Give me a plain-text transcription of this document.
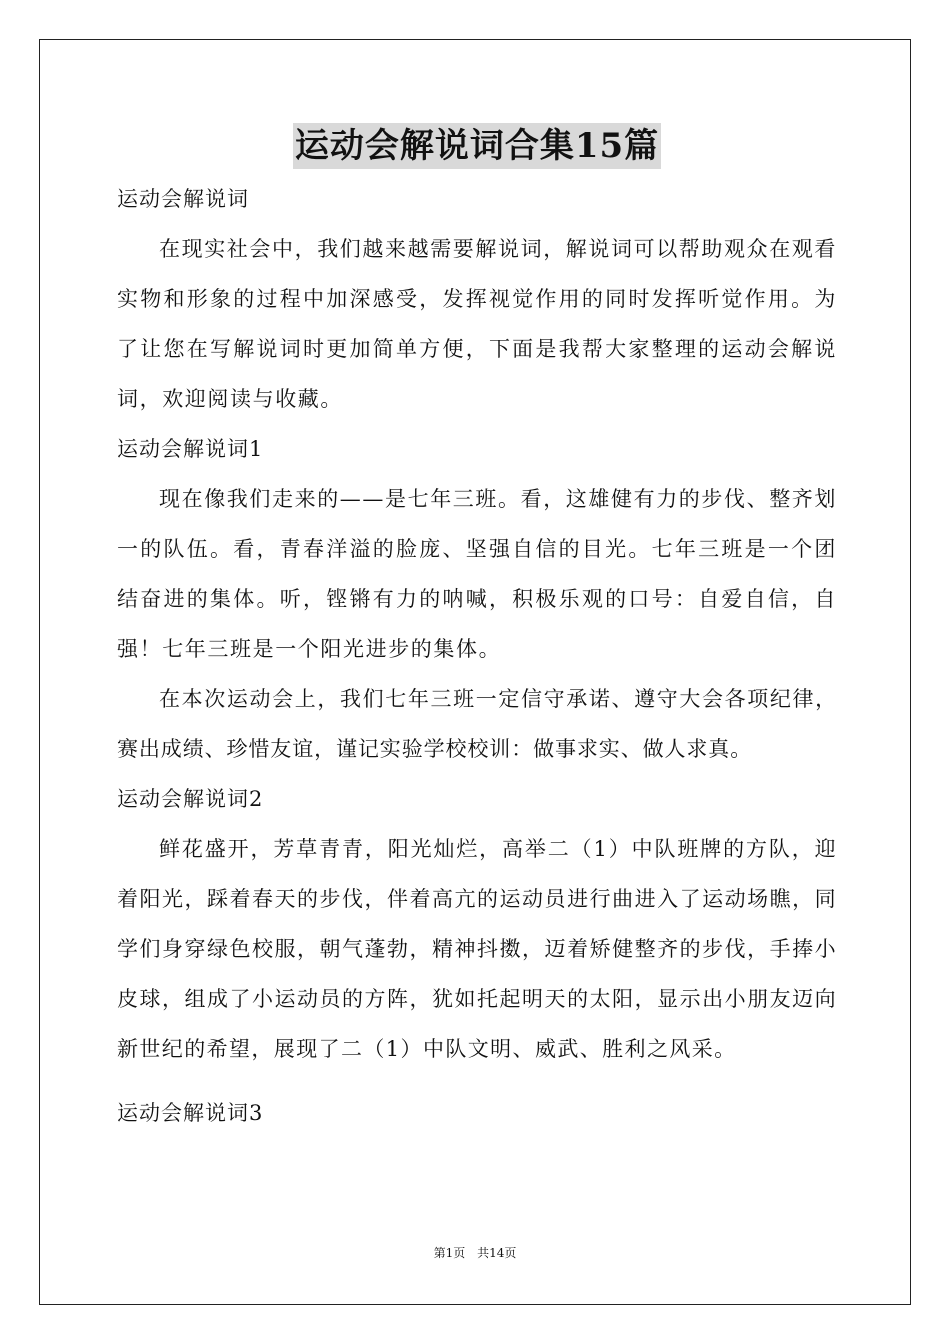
运动会解说词合集15篇

运动会解说词

在现实社会中，我们越来越需要解说词，解说词可以帮助观众在观看实物和形象的过程中加深感受，发挥视觉作用的同时发挥听觉作用。为了让您在写解说词时更加简单方便，下面是我帮大家整理的运动会解说词，欢迎阅读与收藏。

运动会解说词1

现在像我们走来的——是七年三班。看，这雄健有力的步伐、整齐划一的队伍。看，青春洋溢的脸庞、坚强自信的目光。七年三班是一个团结奋进的集体。听，铿锵有力的呐喊，积极乐观的口号：自爱自信，自强！七年三班是一个阳光进步的集体。

在本次运动会上，我们七年三班一定信守承诺、遵守大会各项纪律，赛出成绩、珍惜友谊，谨记实验学校校训：做事求实、做人求真。

运动会解说词2

鲜花盛开，芳草青青，阳光灿烂，高举二（1）中队班牌的方队，迎着阳光，踩着春天的步伐，伴着高亢的运动员进行曲进入了运动场瞧，同学们身穿绿色校服，朝气蓬勃，精神抖擞，迈着矫健整齐的步伐，手捧小皮球，组成了小运动员的方阵，犹如托起明天的太阳，显示出小朋友迈向新世纪的希望，展现了二（1）中队文明、威武、胜利之风采。

运动会解说词3

第1页 共14页
